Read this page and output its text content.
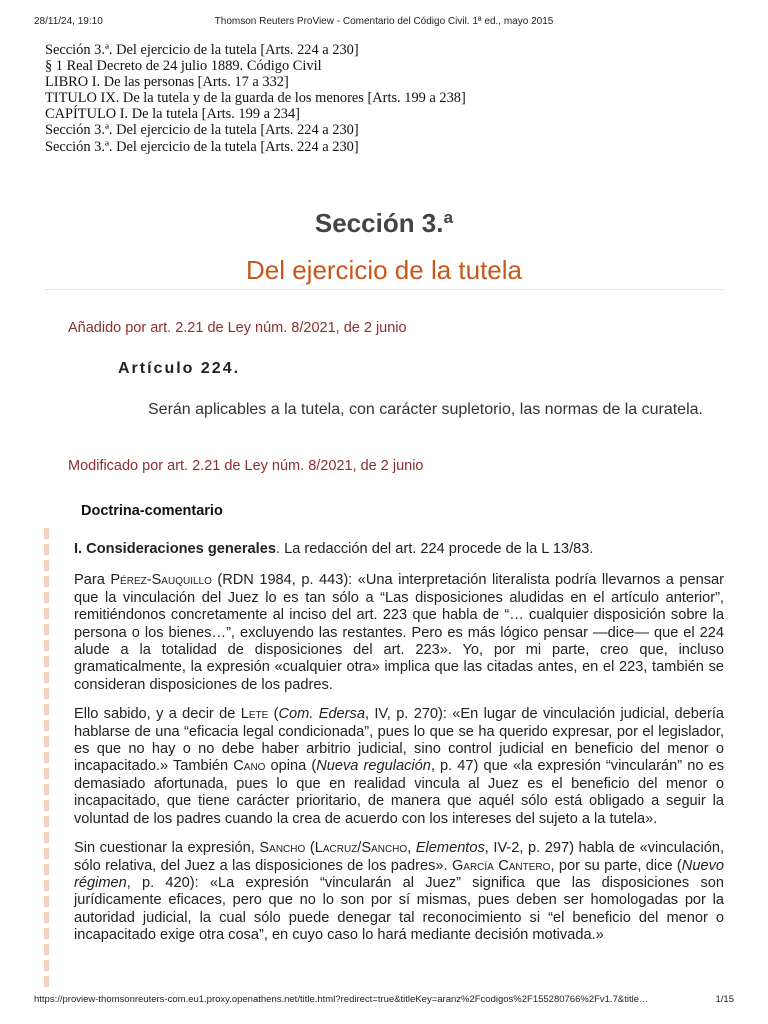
28/11/24, 19:10	Thomson Reuters ProView - Comentario del Código Civil. 1ª ed., mayo 2015
Sección 3.ª. Del ejercicio de la tutela [Arts. 224 a 230]
§ 1 Real Decreto de 24 julio 1889. Código Civil
LIBRO I. De las personas [Arts. 17 a 332]
TITULO IX. De la tutela y de la guarda de los menores [Arts. 199 a 238]
CAPÍTULO I. De la tutela [Arts. 199 a 234]
Sección 3.ª. Del ejercicio de la tutela [Arts. 224 a 230]
Sección 3.ª. Del ejercicio de la tutela [Arts. 224 a 230]
Sección 3.ª
Del ejercicio de la tutela
Añadido por art. 2.21 de Ley núm. 8/2021, de 2 junio
Artículo 224.
Serán aplicables a la tutela, con carácter supletorio, las normas de la curatela.
Modificado por art. 2.21 de Ley núm. 8/2021, de 2 junio
Doctrina-comentario

I. Consideraciones generales. La redacción del art. 224 procede de la L 13/83.

Para Pérez-Sauquillo (RDN 1984, p. 443): «Una interpretación literalista podría llevarnos a pensar que la vinculación del Juez lo es tan sólo a “Las disposiciones aludidas en el artículo anterior”, remitiéndonos concretamente al inciso del art. 223 que habla de “… cualquier disposición sobre la persona o los bienes…”, excluyendo las restantes. Pero es más lógico pensar —dice— que el 224 alude a la totalidad de disposiciones del art. 223». Yo, por mi parte, creo que, incluso gramaticalmente, la expresión «cualquier otra» implica que las citadas antes, en el 223, también se consideran disposiciones de los padres.

Ello sabido, y a decir de Lete (Com. Edersa, IV, p. 270): «En lugar de vinculación judicial, debería hablarse de una “eficacia legal condicionada”, pues lo que se ha querido expresar, por el legislador, es que no hay o no debe haber arbitrio judicial, sino control judicial en beneficio del menor o incapacitado.» También Cano opina (Nueva regulación, p. 47) que «la expresión “vincularán” no es demasiado afortunada, pues lo que en realidad vincula al Juez es el beneficio del menor o incapacitado, que tiene carácter prioritario, de manera que aquél sólo está obligado a seguir la voluntad de los padres cuando la crea de acuerdo con los intereses del sujeto a la tutela».

Sin cuestionar la expresión, Sancho (Lacruz/Sancho, Elementos, IV-2, p. 297) habla de «vinculación, sólo relativa, del Juez a las disposiciones de los padres». García Cantero, por su parte, dice (Nuevo régimen, p. 420): «La expresión “vincularán al Juez” significa que las disposiciones son jurídicamente eficaces, pero que no lo son por sí mismas, pues deben ser homologadas por la autoridad judicial, la cual sólo puede denegar tal reconocimiento si “el beneficio del menor o incapacitado exige otra cosa”, en cuyo caso lo hará mediante decisión motivada.»

https://proview-thomsonreuters-com.eu1.proxy.openathens.net/title.html?redirect=true&titleKey=aranz%2Fcodigos%2F155280766%2Fv1.7&title…	1/15
